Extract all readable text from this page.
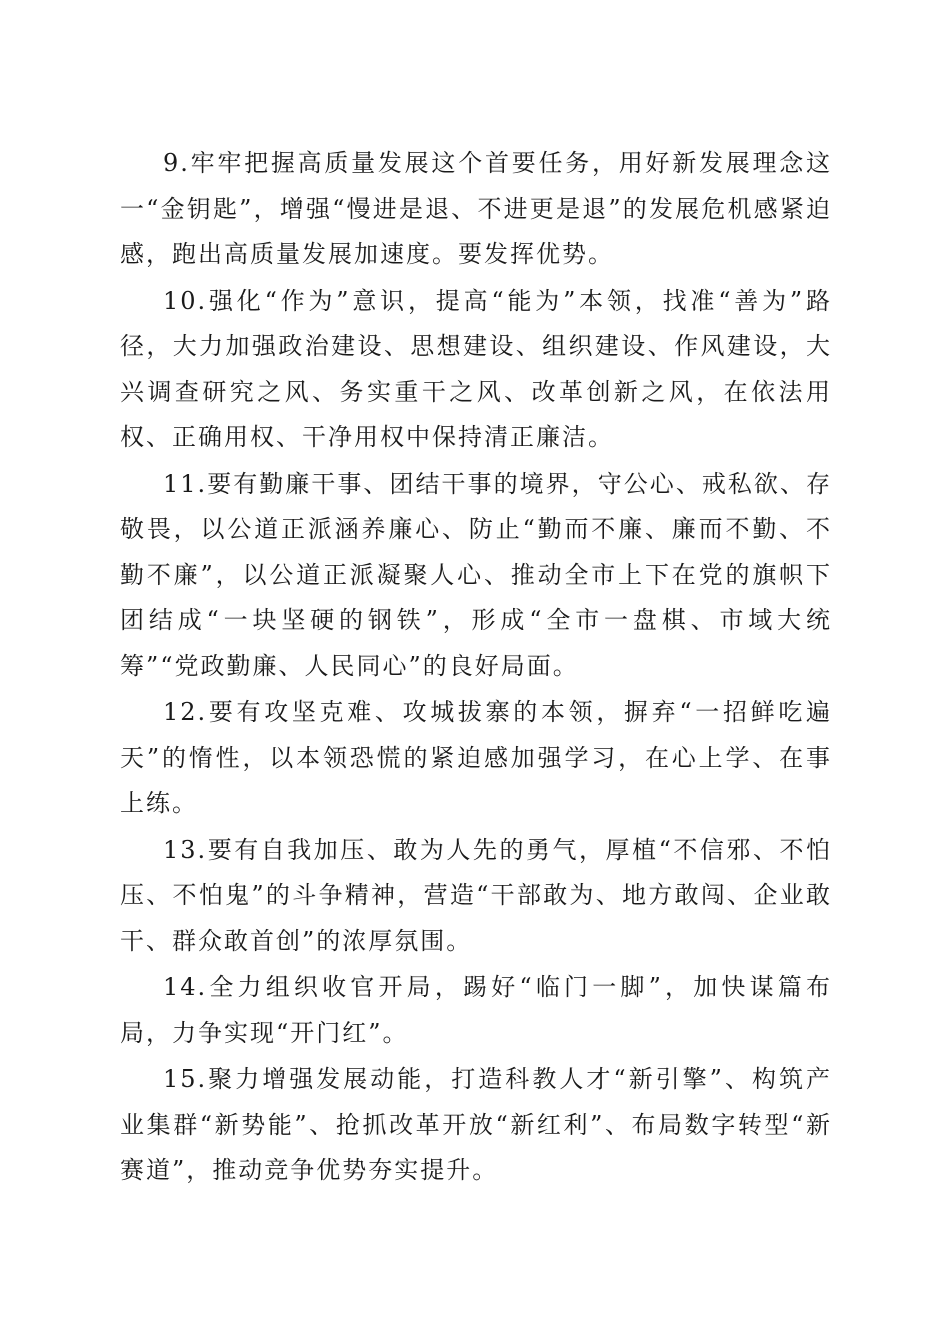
9.牢牢把握高质量发展这个首要任务，用好新发展理念这一“金钥匙”，增强“慢进是退、不进更是退”的发展危机感紧迫感，跑出高质量发展加速度。要发挥优势。

10.强化“作为”意识，提高“能为”本领，找准“善为”路径，大力加强政治建设、思想建设、组织建设、作风建设，大兴调查研究之风、务实重干之风、改革创新之风，在依法用权、正确用权、干净用权中保持清正廉洁。

11.要有勤廉干事、团结干事的境界，守公心、戒私欲、存敬畏，以公道正派涵养廉心、防止“勤而不廉、廉而不勤、不勤不廉”，以公道正派凝聚人心、推动全市上下在党的旗帜下团结成“一块坚硬的钢铁”，形成“全市一盘棋、市域大统筹”“党政勤廉、人民同心”的良好局面。

12.要有攻坚克难、攻城拔寨的本领，摒弃“一招鲜吃遍天”的惰性，以本领恐慌的紧迫感加强学习，在心上学、在事上练。

13.要有自我加压、敢为人先的勇气，厚植“不信邪、不怕压、不怕鬼”的斗争精神，营造“干部敢为、地方敢闯、企业敢干、群众敢首创”的浓厚氛围。

14.全力组织收官开局，踢好“临门一脚”，加快谋篇布局，力争实现“开门红”。

15.聚力增强发展动能，打造科教人才“新引擎”、构筑产业集群“新势能”、抢抓改革开放“新红利”、布局数字转型“新赛道”，推动竞争优势夯实提升。
